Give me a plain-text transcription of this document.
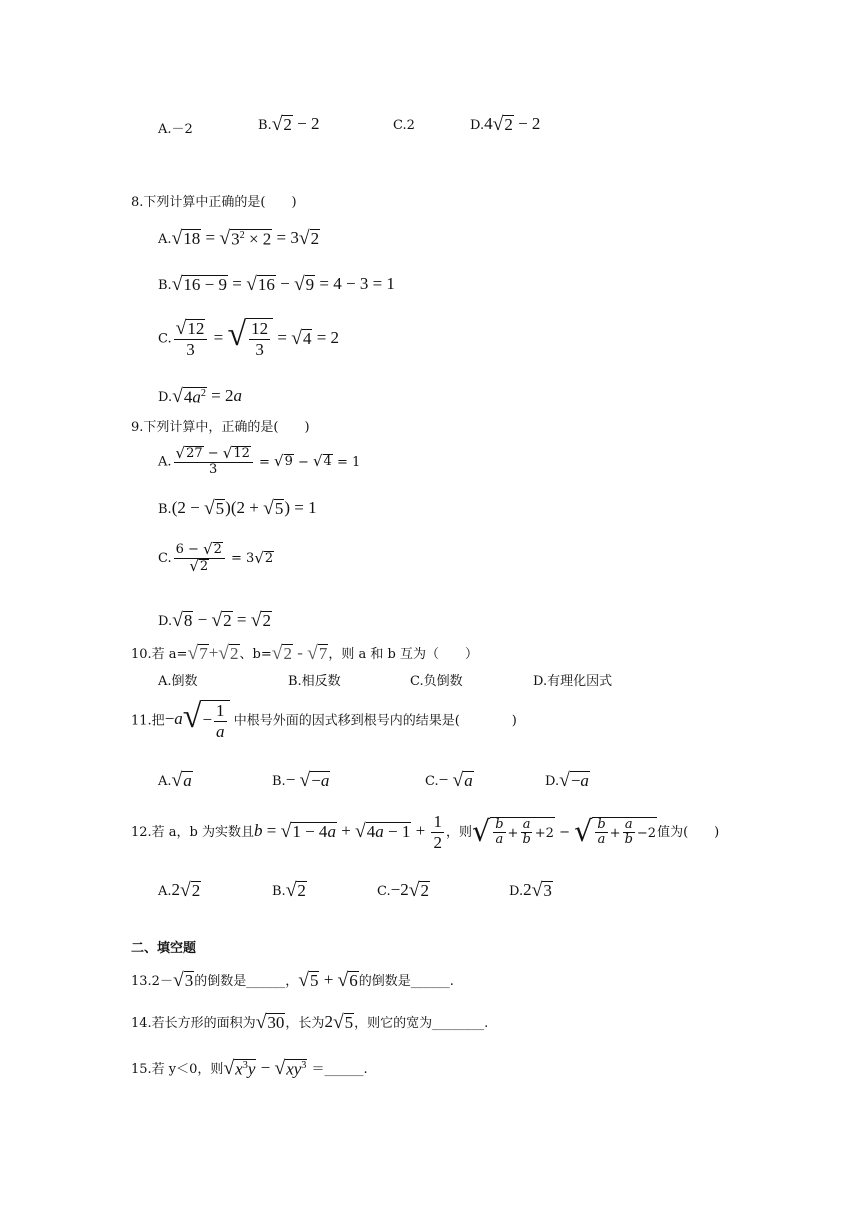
A.－2	B. √ 2 − 2	C.2	D.4 √ 2 − 2
8.下列计算中正确的是(　　)
A. √ 18 = √ $3^2 \times 2 = 3$ √ 2
B. √ 16 − 9 = √ 16 − √ 9 = 4 − 3 = 1
C. $\frac{√ 12}{3}$ = √ $\frac{12}{3}$ = √ 4 = 2
D. √ $4a^2 = 2a$
9.下列计算中，正确的是(　　)
A. $\frac{√ 27 - √ 12}{3}$ = √ 9 − √ 4 = 1
B.(2 − √ 5 )(2 + √ 5 ) = 1
C. $\frac{6 - √ 2}{√ 2} = 3$ √ 2
D. √ 8 − √ 2 = √ 2
10.若 a= √ 7 + √ 2 、b= √ 2 - √ 7 ，则 a 和 b 互为（　　）
A.倒数	B.相反数	C.负倒数	D.有理化因式
11.把−a √ − $\frac{1}{a}$ 中根号外面的因式移到根号内的结果是(　　　　)
A. √ a	B.− √ −a	C.− √ a	D. √ −a
12.若 a，b 为实数且b = √ 1 − 4a + √ $4a - 1 + \frac{1}{2}$ ，则 √ $\frac{b}{a} + \frac{a}{b} +2$ − √ $\frac{b}{a} + \frac{a}{b} -2$ 值为(　　)
A.2 √ 2	B. √ 2	C.−2 √ 2	D.2 √ 3
二、填空题
13.2－ √ 3 的倒数是______， √ 5 + √ 6 的倒数是______.
14.若长方形的面积为 √ 30 ，长为2 √ 5 ，则它的宽为________.
15.若 y＜0，则 √ $x^3y$ − √ $xy^3$ ＝______.
